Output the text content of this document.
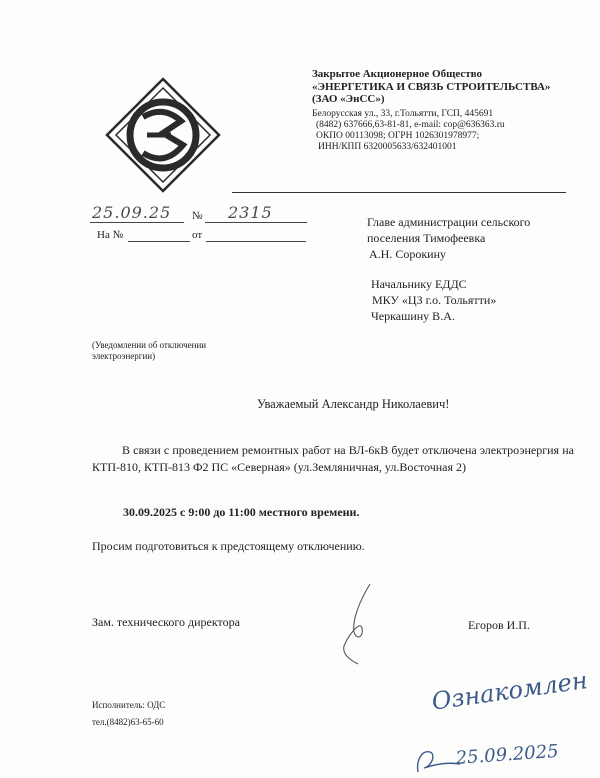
Закрытое Акционерное Общество
«ЭНЕРГЕТИКА И СВЯЗЬ СТРОИТЕЛЬСТВА»
(ЗАО «ЭнСС»)
Белорусская ул., 33, г.Тольятти, ГСП, 445691
(8482) 637666,63-81-81, e-mail: cop@636363.ru
ОКПО 00113098; ОГРН 1026301978977;
ИНН/КПП 6320005633/632401001
25.09.25 № 2315
На №	от
Главе администрации сельского
поселения Тимофеевка
А.Н. Сорокину
Начальнику ЕДДС
МКУ «ЦЗ г.о. Тольятти»
Черкашину В.А.
(Уведомлении об отключении
электроэнергии)
Уважаемый Александр Николаевич!
В связи с проведением ремонтных работ на ВЛ-6кВ будет отключена электроэнергия на КТП-810, КТП-813 Ф2 ПС «Северная» (ул.Земляничная, ул.Восточная 2)
30.09.2025 с 9:00 до 11:00 местного времени.
Просим подготовиться к предстоящему отключению.
Зам. технического директора	Егоров И.П.
Исполнитель: ОДС
тел.(8482)63-65-60
Ознакомлен
25.09.2025
